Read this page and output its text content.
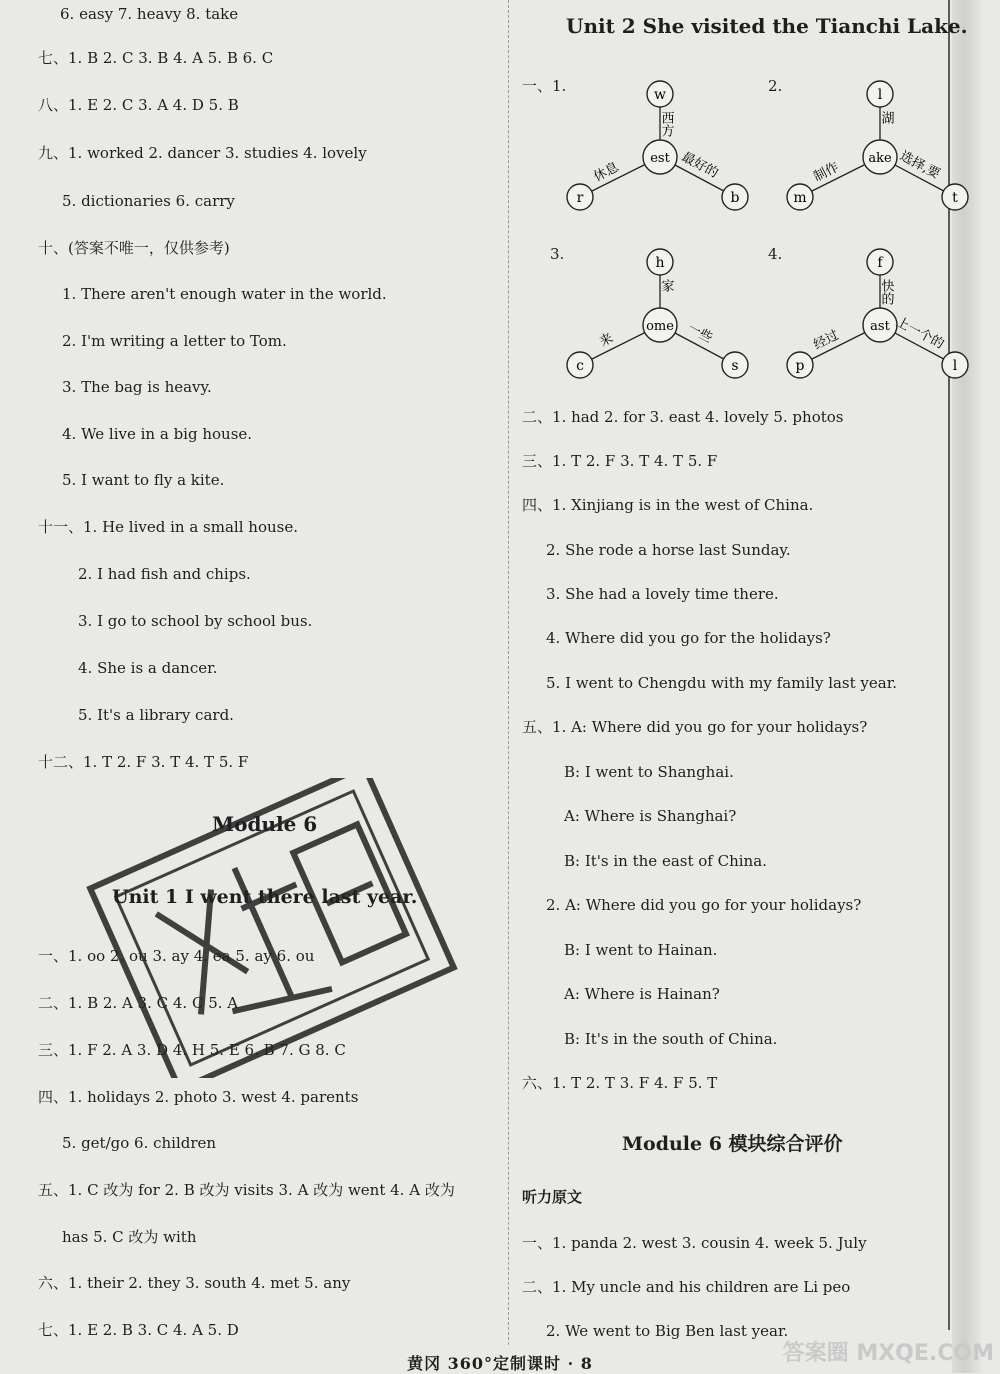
6. easy 7. heavy 8. take
七、1. B 2. C 3. B 4. A 5. B 6. C
八、1. E 2. C 3. A 4. D 5. B
九、1. worked 2. dancer 3. studies 4. lovely
5. dictionaries 6. carry
十、(答案不唯一，仅供参考)
1. There aren't enough water in the world.
2. I'm writing a letter to Tom.
3. The bag is heavy.
4. We live in a big house.
5. I want to fly a kite.
十一、1. He lived in a small house.
2. I had fish and chips.
3. I go to school by school bus.
4. She is a dancer.
5. It's a library card.
十二、1. T 2. F 3. T 4. T 5. F
Module 6
Unit 1 I went there last year.
一、1. oo 2. ou 3. ay 4. ea 5. ay 6. ou
二、1. B 2. A 3. C 4. C 5. A
三、1. F 2. A 3. D 4. H 5. E 6. B 7. G 8. C
四、1. holidays 2. photo 3. west 4. parents
5. get/go 6. children
五、1. C 改为 for 2. B 改为 visits 3. A 改为 went 4. A 改为
has 5. C 改为 with
六、1. their 2. they 3. south 4. met 5. any
七、1. E 2. B 3. C 4. A 5. D
Unit 2 She visited the Tianchi Lake.
一、1.	2.
3.	4.
est
w
r	b
西方
休息	最好的	ake
l
m	t
湖
制作	选择,要
ome
h
c	s
家
来	一些	ast
f
p	l
快的
经过	上一个的
二、1. had 2. for 3. east 4. lovely 5. photos
三、1. T 2. F 3. T 4. T 5. F
四、1. Xinjiang is in the west of China.
2. She rode a horse last Sunday.
3. She had a lovely time there.
4. Where did you go for the holidays?
5. I went to Chengdu with my family last year.
五、1. A: Where did you go for your holidays?
B: I went to Shanghai.
A: Where is Shanghai?
B: It's in the east of China.
2. A: Where did you go for your holidays?
B: I went to Hainan.
A: Where is Hainan?
B: It's in the south of China.
六、1. T 2. T 3. F 4. F 5. T
Module 6 模块综合评价
听力原文
一、1. panda 2. west 3. cousin 4. week 5. July
二、1. My uncle and his children are Li peo
2. We went to Big Ben last year.
黄冈 360°定制课时 · 8	答案圈 MXQE.COM
